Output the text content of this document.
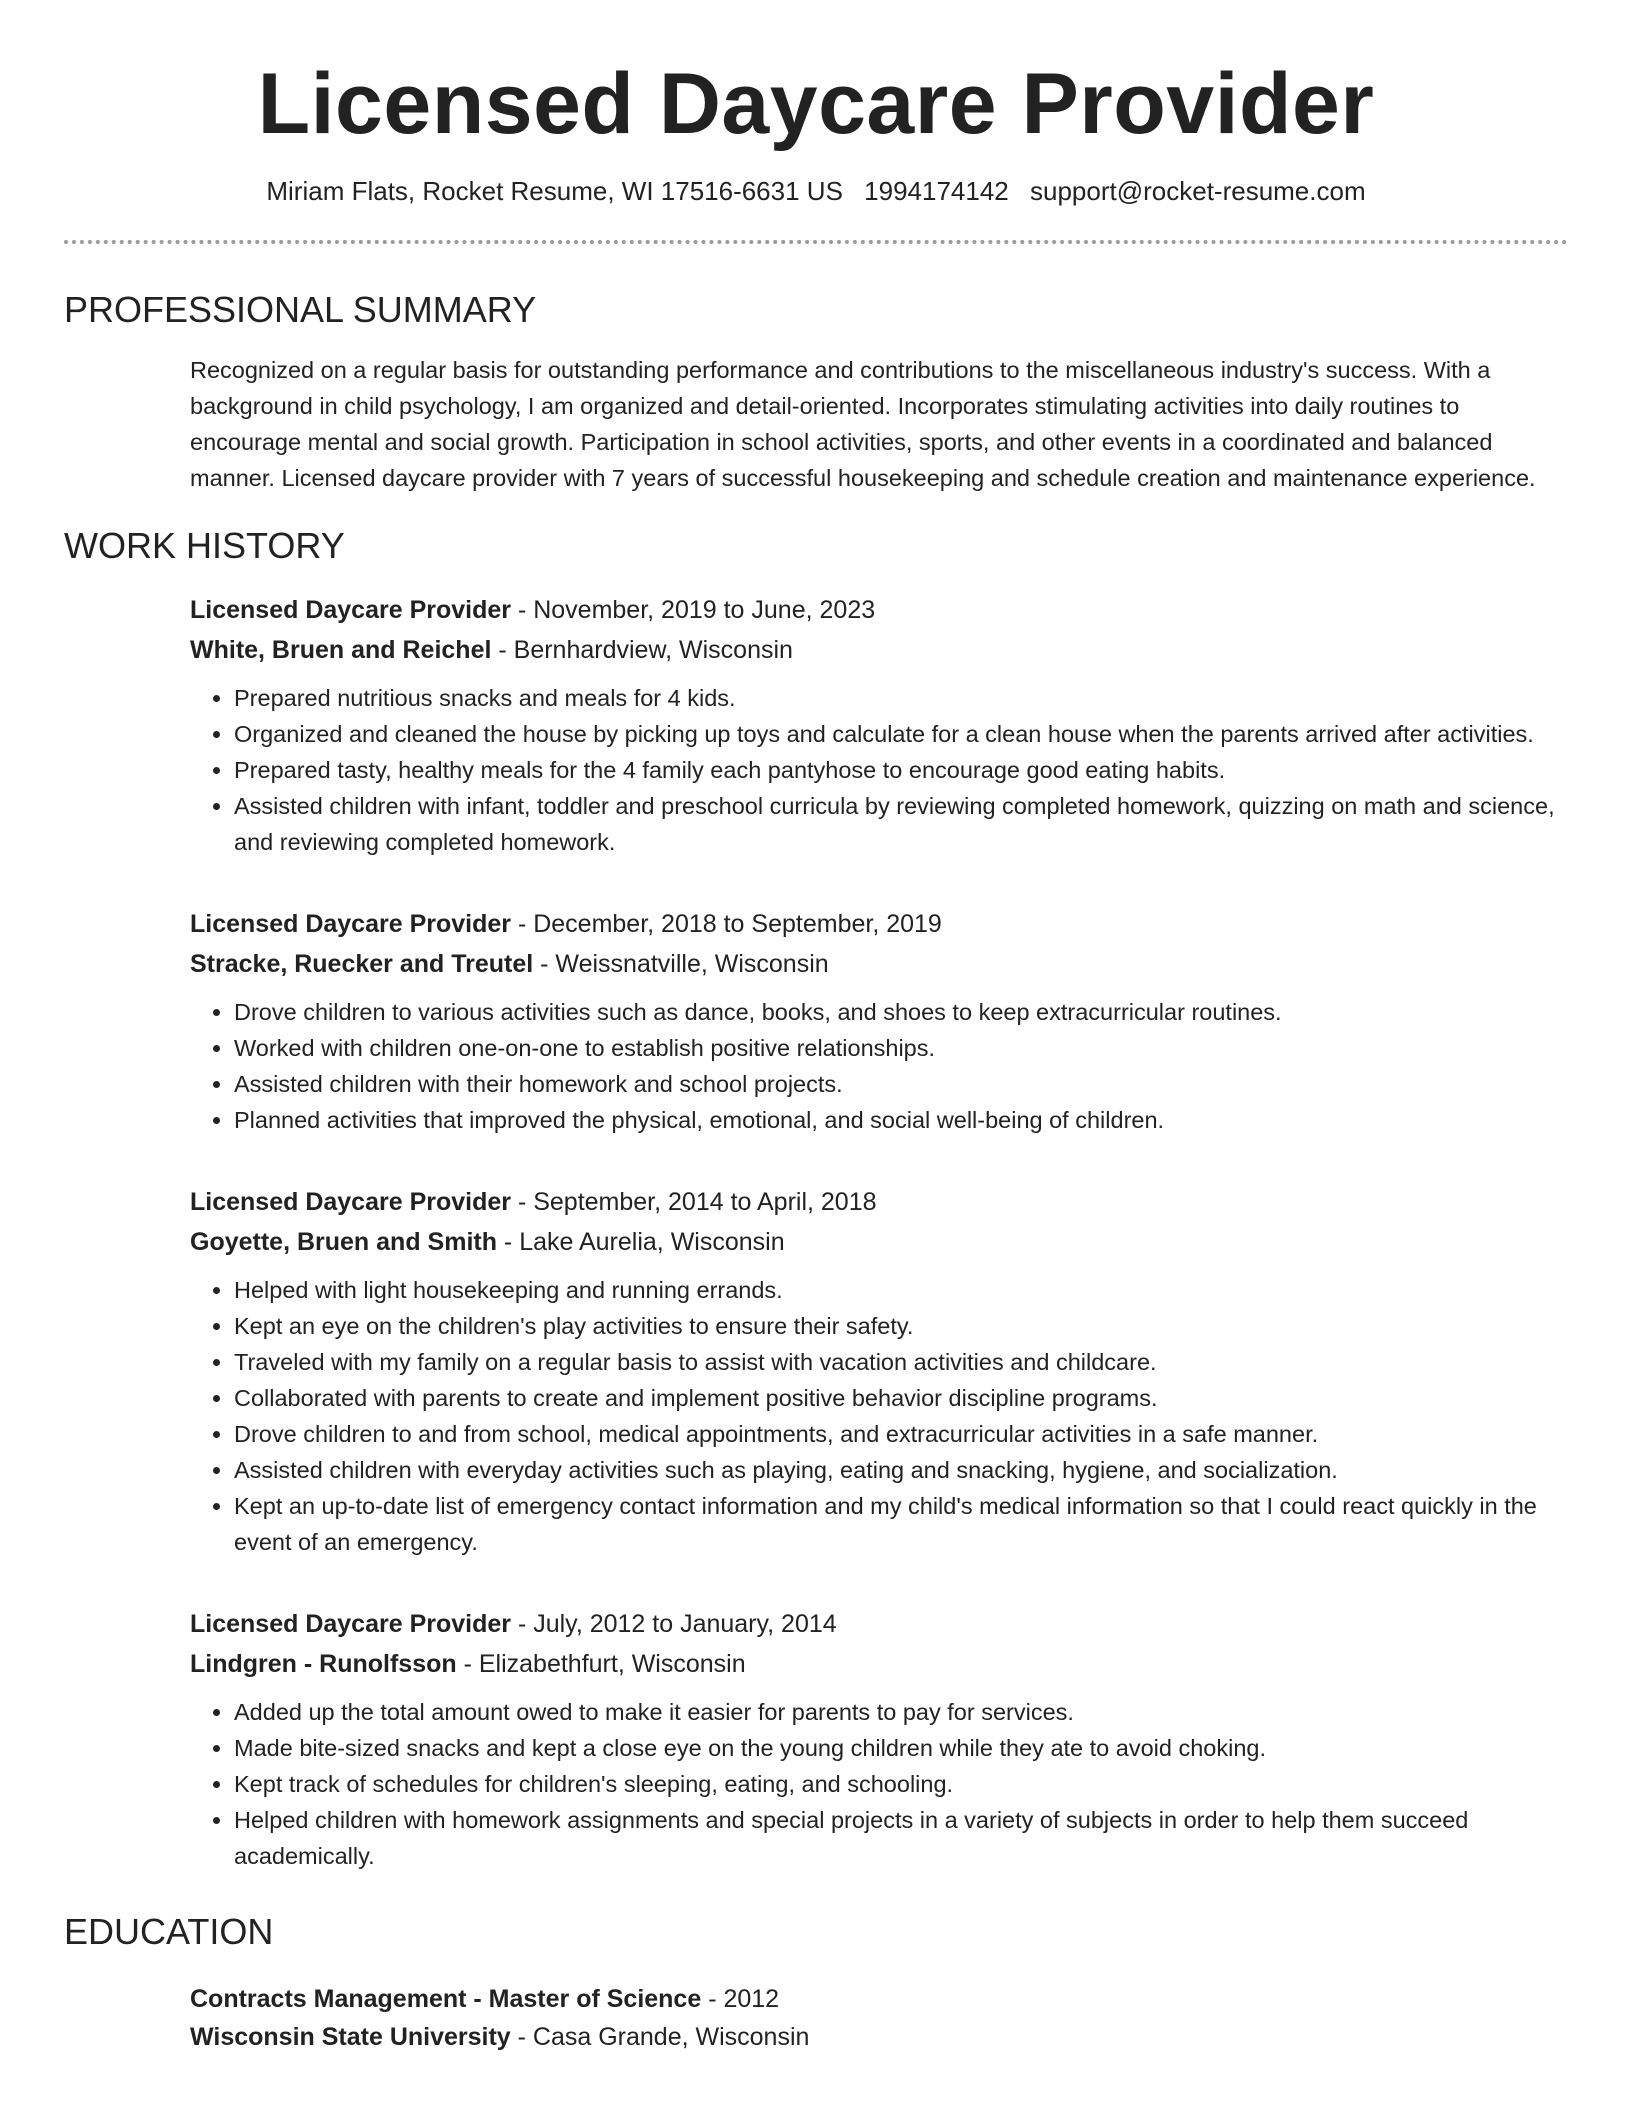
Licensed Daycare Provider
Miriam Flats, Rocket Resume, WI 17516-6631 US 1994174142 support@rocket-resume.com
PROFESSIONAL SUMMARY
Recognized on a regular basis for outstanding performance and contributions to the miscellaneous industry's success. With a background in child psychology, I am organized and detail-oriented. Incorporates stimulating activities into daily routines to encourage mental and social growth. Participation in school activities, sports, and other events in a coordinated and balanced manner. Licensed daycare provider with 7 years of successful housekeeping and schedule creation and maintenance experience.
WORK HISTORY
Licensed Daycare Provider - November, 2019 to June, 2023
White, Bruen and Reichel - Bernhardview, Wisconsin
• Prepared nutritious snacks and meals for 4 kids.
• Organized and cleaned the house by picking up toys and calculate for a clean house when the parents arrived after activities.
• Prepared tasty, healthy meals for the 4 family each pantyhose to encourage good eating habits.
• Assisted children with infant, toddler and preschool curricula by reviewing completed homework, quizzing on math and science, and reviewing completed homework.
Licensed Daycare Provider - December, 2018 to September, 2019
Stracke, Ruecker and Treutel - Weissnatville, Wisconsin
• Drove children to various activities such as dance, books, and shoes to keep extracurricular routines.
• Worked with children one-on-one to establish positive relationships.
• Assisted children with their homework and school projects.
• Planned activities that improved the physical, emotional, and social well-being of children.
Licensed Daycare Provider - September, 2014 to April, 2018
Goyette, Bruen and Smith - Lake Aurelia, Wisconsin
• Helped with light housekeeping and running errands.
• Kept an eye on the children's play activities to ensure their safety.
• Traveled with my family on a regular basis to assist with vacation activities and childcare.
• Collaborated with parents to create and implement positive behavior discipline programs.
• Drove children to and from school, medical appointments, and extracurricular activities in a safe manner.
• Assisted children with everyday activities such as playing, eating and snacking, hygiene, and socialization.
• Kept an up-to-date list of emergency contact information and my child's medical information so that I could react quickly in the event of an emergency.
Licensed Daycare Provider - July, 2012 to January, 2014
Lindgren - Runolfsson - Elizabethfurt, Wisconsin
• Added up the total amount owed to make it easier for parents to pay for services.
• Made bite-sized snacks and kept a close eye on the young children while they ate to avoid choking.
• Kept track of schedules for children's sleeping, eating, and schooling.
• Helped children with homework assignments and special projects in a variety of subjects in order to help them succeed academically.
EDUCATION
Contracts Management - Master of Science - 2012
Wisconsin State University - Casa Grande, Wisconsin
